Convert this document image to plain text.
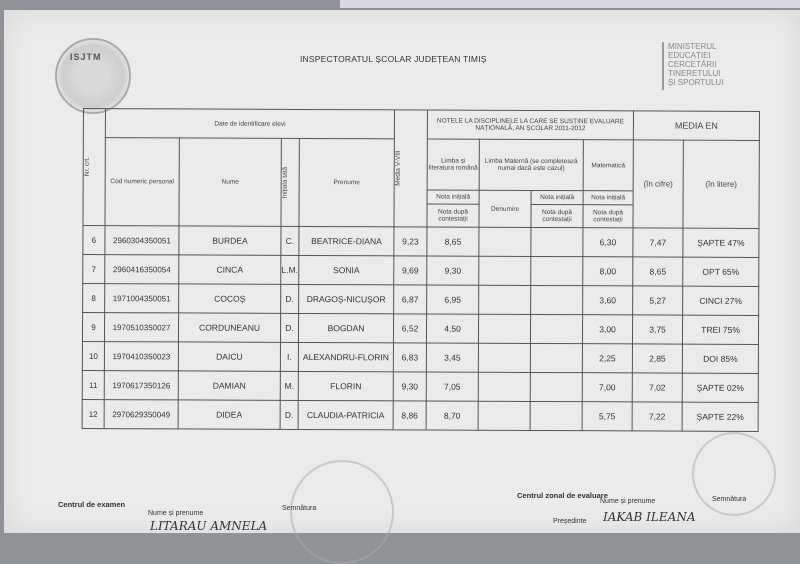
ISJTM	INSPECTORATUL ȘCOLAR JUDEȚEAN TIMIȘ
MINISTERUL
EDUCAȚIEI
CERCETĂRII
TINERETULUI
ȘI SPORTULUI
Nr. crt.	Date de identificare elevi				Media V-VIII	NOTELE LA DISCIPLINELE LA CARE SE SUSȚINE EVALUARE NAȚIONALĂ, AN ȘCOLAR 2011-2012				MEDIA EN	
	Cod numeric personal	Nume	Inițiala tată	Prenume		Limba și literatura română	Limba Maternă (se completează numai dacă este cazul)		Matematică	(în cifre)	(în litere)
						Nota inițială	Denumire	Nota inițială	Nota inițială		
						Nota după contestații		Nota după contestații	Nota după contestații		

6	2960304350051	BURDEA	C.	BEATRICE-DIANA	9,23	8,65			6,30	7,47	ȘAPTE 47%
7	2960416350054	CINCA	L.M.	SONIA	9,69	9,30			8,00	8,65	OPT 65%
8	1971004350051	COCOȘ	D.	DRAGOȘ-NICUȘOR	6,87	6,95			3,60	5,27	CINCI 27%
9	1970510350027	CORDUNEANU	D.	BOGDAN	6,52	4,50			3,00	3,75	TREI 75%
10	1970410350023	DAICU	I.	ALEXANDRU-FLORIN	6,83	3,45			2,25	2,85	DOI 85%
11	1970617350126	DAMIAN	M.	FLORIN	9,30	7,05			7,00	7,02	ȘAPTE 02%
12	2970629350049	DIDEA	D.	CLAUDIA-PATRICIA	8,86	8,70			5,75	7,22	ȘAPTE 22%
Centrul de examen
Nume și prenume
Semnătura
LITARAU AMNELA
Centrul zonal de evaluare
Nume și prenume	Semnătura
Președinte IAKAB ILEANA
